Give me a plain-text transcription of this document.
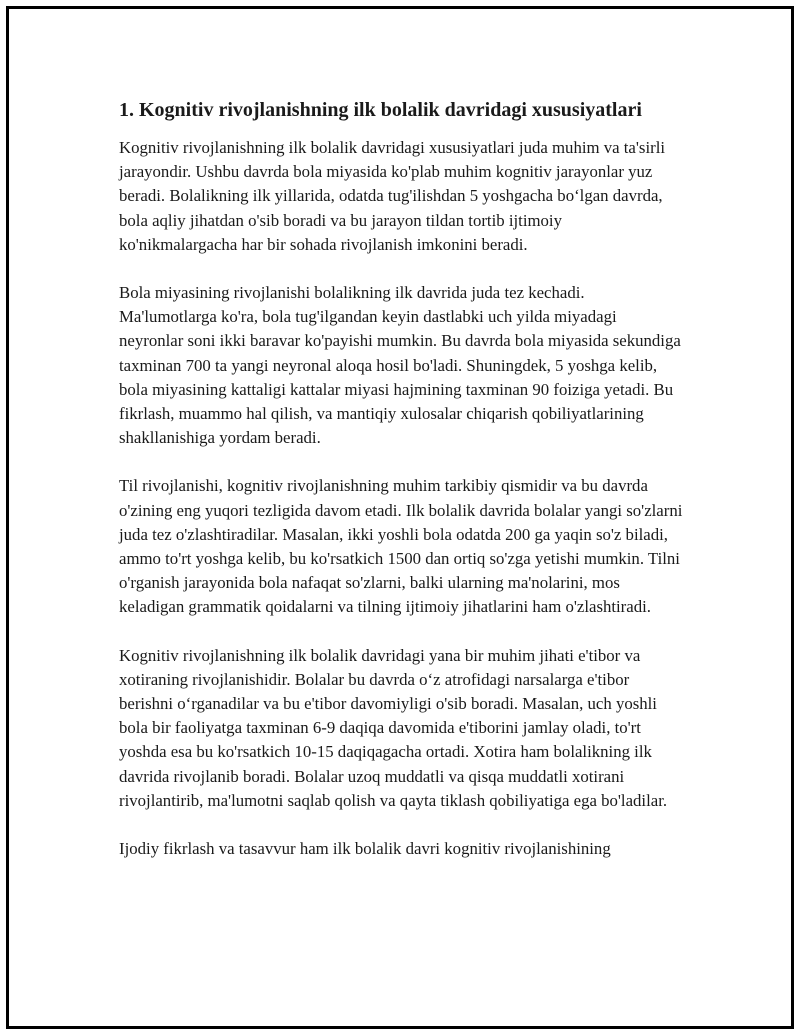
1. Kognitiv rivojlanishning ilk bolalik davridagi xususiyatlari

Kognitiv rivojlanishning ilk bolalik davridagi xususiyatlari juda muhim va ta'sirli jarayondir. Ushbu davrda bola miyasida ko'plab muhim kognitiv jarayonlar yuz beradi. Bolalikning ilk yillarida, odatda tug'ilishdan 5 yoshgacha bo‘lgan davrda, bola aqliy jihatdan o'sib boradi va bu jarayon tildan tortib ijtimoiy ko'nikmalargacha har bir sohada rivojlanish imkonini beradi.

Bola miyasining rivojlanishi bolalikning ilk davrida juda tez kechadi. Ma'lumotlarga ko'ra, bola tug'ilgandan keyin dastlabki uch yilda miyadagi neyronlar soni ikki baravar ko'payishi mumkin. Bu davrda bola miyasida sekundiga taxminan 700 ta yangi neyronal aloqa hosil bo'ladi. Shuningdek, 5 yoshga kelib, bola miyasining kattaligi kattalar miyasi hajmining taxminan 90 foiziga yetadi. Bu fikrlash, muammo hal qilish, va mantiqiy xulosalar chiqarish qobiliyatlarining shakllanishiga yordam beradi.

Til rivojlanishi, kognitiv rivojlanishning muhim tarkibiy qismidir va bu davrda o'zining eng yuqori tezligida davom etadi. Ilk bolalik davrida bolalar yangi so'zlarni juda tez o'zlashtiradilar. Masalan, ikki yoshli bola odatda 200 ga yaqin so'z biladi, ammo to'rt yoshga kelib, bu ko'rsatkich 1500 dan ortiq so'zga yetishi mumkin. Tilni o'rganish jarayonida bola nafaqat so'zlarni, balki ularning ma'nolarini, mos keladigan grammatik qoidalarni va tilning ijtimoiy jihatlarini ham o'zlashtiradi.

Kognitiv rivojlanishning ilk bolalik davridagi yana bir muhim jihati e'tibor va xotiraning rivojlanishidir. Bolalar bu davrda o‘z atrofidagi narsalarga e'tibor berishni o‘rganadilar va bu e'tibor davomiyligi o'sib boradi. Masalan, uch yoshli bola bir faoliyatga taxminan 6-9 daqiqa davomida e'tiborini jamlay oladi, to'rt yoshda esa bu ko'rsatkich 10-15 daqiqagacha ortadi. Xotira ham bolalikning ilk davrida rivojlanib boradi. Bolalar uzoq muddatli va qisqa muddatli xotirani rivojlantirib, ma'lumotni saqlab qolish va qayta tiklash qobiliyatiga ega bo'ladilar.

Ijodiy fikrlash va tasavvur ham ilk bolalik davri kognitiv rivojlanishining
